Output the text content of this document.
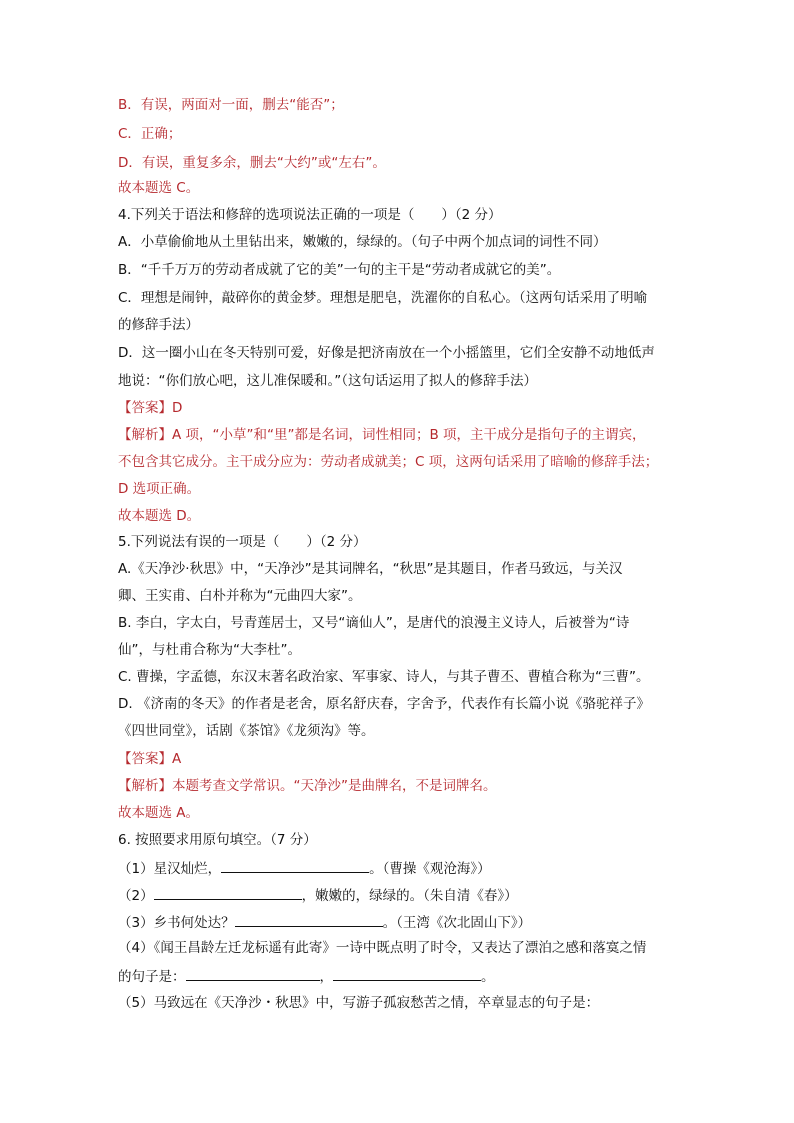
B．有误，两面对一面，删去“能否”；

C．正确；

D．有误，重复多余，删去“大约”或“左右”。

故本题选 C。

4.下列关于语法和修辞的选项说法正确的一项是（　　）（2 分）

A．小草偷偷地从土里钻出来，嫩嫩的，绿绿的。（句子中两个加点词的词性不同）

B．“千千万万的劳动者成就了它的美”一句的主干是“劳动者成就它的美”。

C．理想是闹钟，敲碎你的黄金梦。理想是肥皂，洗濯你的自私心。（这两句话采用了明喻

的修辞手法）

D．这一圈小山在冬天特别可爱，好像是把济南放在一个小摇篮里，它们全安静不动地低声

地说：“你们放心吧，这儿准保暖和。”（这句话运用了拟人的修辞手法）

【答案】D

【解析】A 项，“小草”和“里”都是名词，词性相同；B 项，主干成分是指句子的主谓宾，

不包含其它成分。主干成分应为：劳动者成就美；C 项，这两句话采用了暗喻的修辞手法；

D 选项正确。

故本题选 D。

5.下列说法有误的一项是（　　）（2 分）

A.《天净沙·秋思》中，“天净沙”是其词牌名，“秋思”是其题目，作者马致远，与关汉

卿、王实甫、白朴并称为“元曲四大家”。

B. 李白，字太白，号青莲居士，又号“谪仙人”，是唐代的浪漫主义诗人，后被誉为“诗

仙”，与杜甫合称为“大李杜”。

C. 曹操，字孟德，东汉末著名政治家、军事家、诗人，与其子曹丕、曹植合称为“三曹”。

D. 《济南的冬天》的作者是老舍，原名舒庆春，字舍予，代表作有长篇小说《骆驼祥子》

《四世同堂》，话剧《茶馆》《龙须沟》等。

【答案】A

【解析】本题考查文学常识。“天净沙”是曲牌名，不是词牌名。

故本题选 A。

6. 按照要求用原句填空。（7 分）

（1）星汉灿烂，	。（曹操《观沧海》）

（2）	，嫩嫩的，绿绿的。（朱自清《春》）

（3）乡书何处达？	。（王湾《次北固山下》）

（4）《闻王昌龄左迁龙标遥有此寄》一诗中既点明了时令，又表达了漂泊之感和落寞之情

的句子是：	，	。

（5）马致远在《天净沙・秋思》中，写游子孤寂愁苦之情，卒章显志的句子是：
